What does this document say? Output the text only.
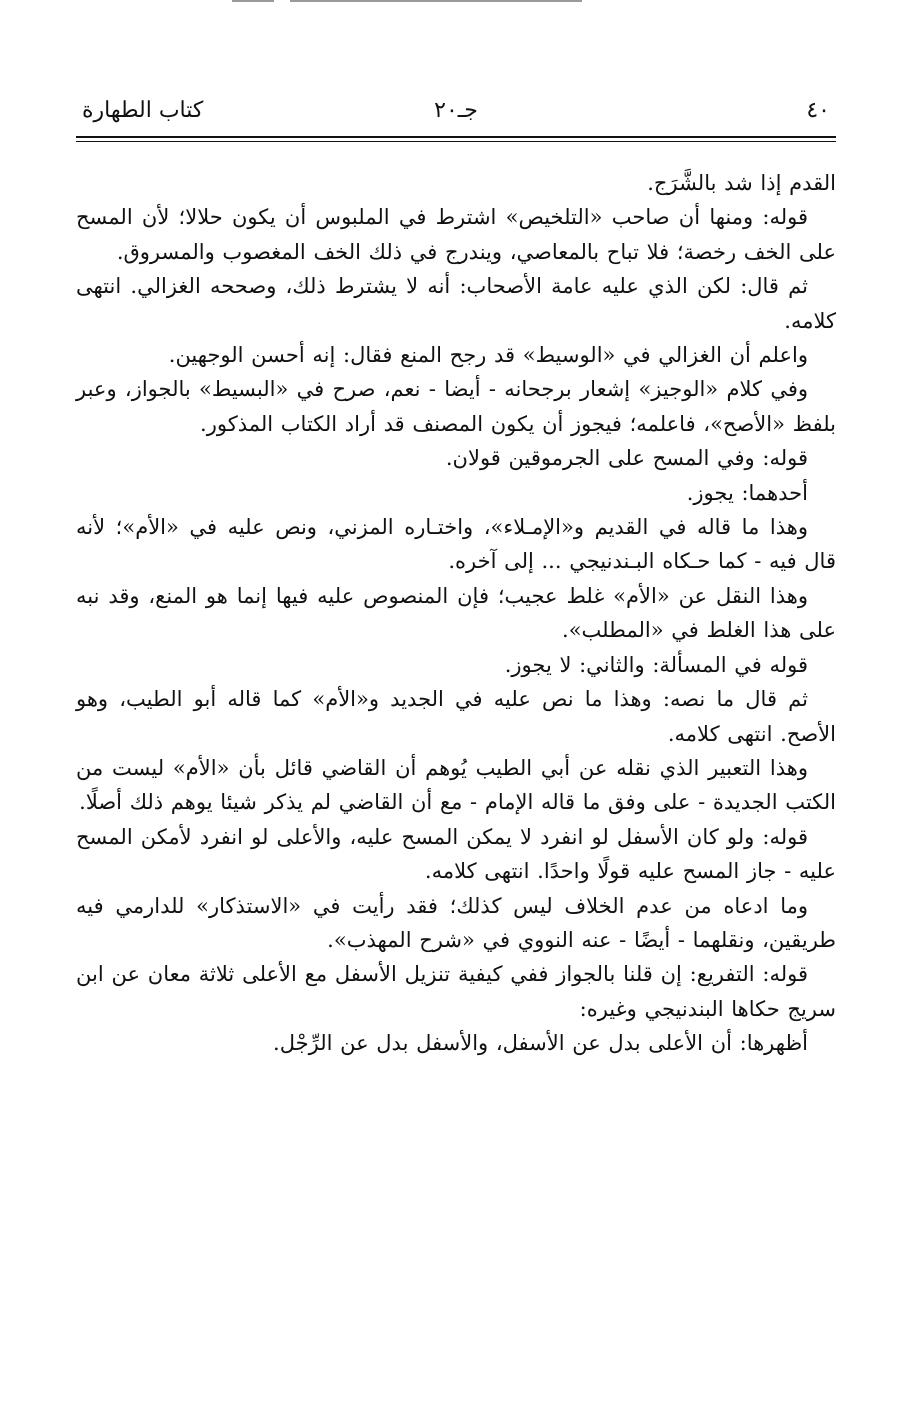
٤٠
جـ٢٠
كتاب الطهارة

القدم إذا شد بالشَّرَج.

قوله: ومنها أن صاحب «التلخيص» اشترط في الملبوس أن يكون حلالا؛ لأن المسح على الخف رخصة؛ فلا تباح بالمعاصي، ويندرج في ذلك الخف المغصوب والمسروق.

ثم قال: لكن الذي عليه عامة الأصحاب: أنه لا يشترط ذلك، وصححه الغزالي. انتهى كلامه.

واعلم أن الغزالي في «الوسيط» قد رجح المنع فقال: إنه أحسن الوجهين.

وفي كلام «الوجيز» إشعار برجحانه - أيضا - نعم، صرح في «البسيط» بالجواز، وعبر بلفظ «الأصح»، فاعلمه؛ فيجوز أن يكون المصنف قد أراد الكتاب المذكور.

قوله: وفي المسح على الجرموقين قولان.

أحدهما: يجوز.

وهذا ما قاله في القديم و«الإمـلاء»، واختـاره المزني، ونص عليه في «الأم»؛ لأنه قال فيه - كما حـكاه البـندنيجي ... إلى آخره.

وهذا النقل عن «الأم» غلط عجيب؛ فإن المنصوص عليه فيها إنما هو المنع، وقد نبه على هذا الغلط في «المطلب».

قوله في المسألة: والثاني: لا يجوز.

ثم قال ما نصه: وهذا ما نص عليه في الجديد و«الأم» كما قاله أبو الطيب، وهو الأصح. انتهى كلامه.

وهذا التعبير الذي نقله عن أبي الطيب يُوهم أن القاضي قائل بأن «الأم» ليست من الكتب الجديدة - على وفق ما قاله الإمام - مع أن القاضي لم يذكر شيئا يوهم ذلك أصلًا.

قوله: ولو كان الأسفل لو انفرد لا يمكن المسح عليه، والأعلى لو انفرد لأمكن المسح عليه - جاز المسح عليه قولًا واحدًا. انتهى كلامه.

وما ادعاه من عدم الخلاف ليس كذلك؛ فقد رأيت في «الاستذكار» للدارمي فيه طريقين، ونقلهما - أيضًا - عنه النووي في «شرح المهذب».

قوله: التفريع: إن قلنا بالجواز ففي كيفية تنزيل الأسفل مع الأعلى ثلاثة معان عن ابن سريج حكاها البندنيجي وغيره:

أظهرها: أن الأعلى بدل عن الأسفل، والأسفل بدل عن الرِّجْل.
